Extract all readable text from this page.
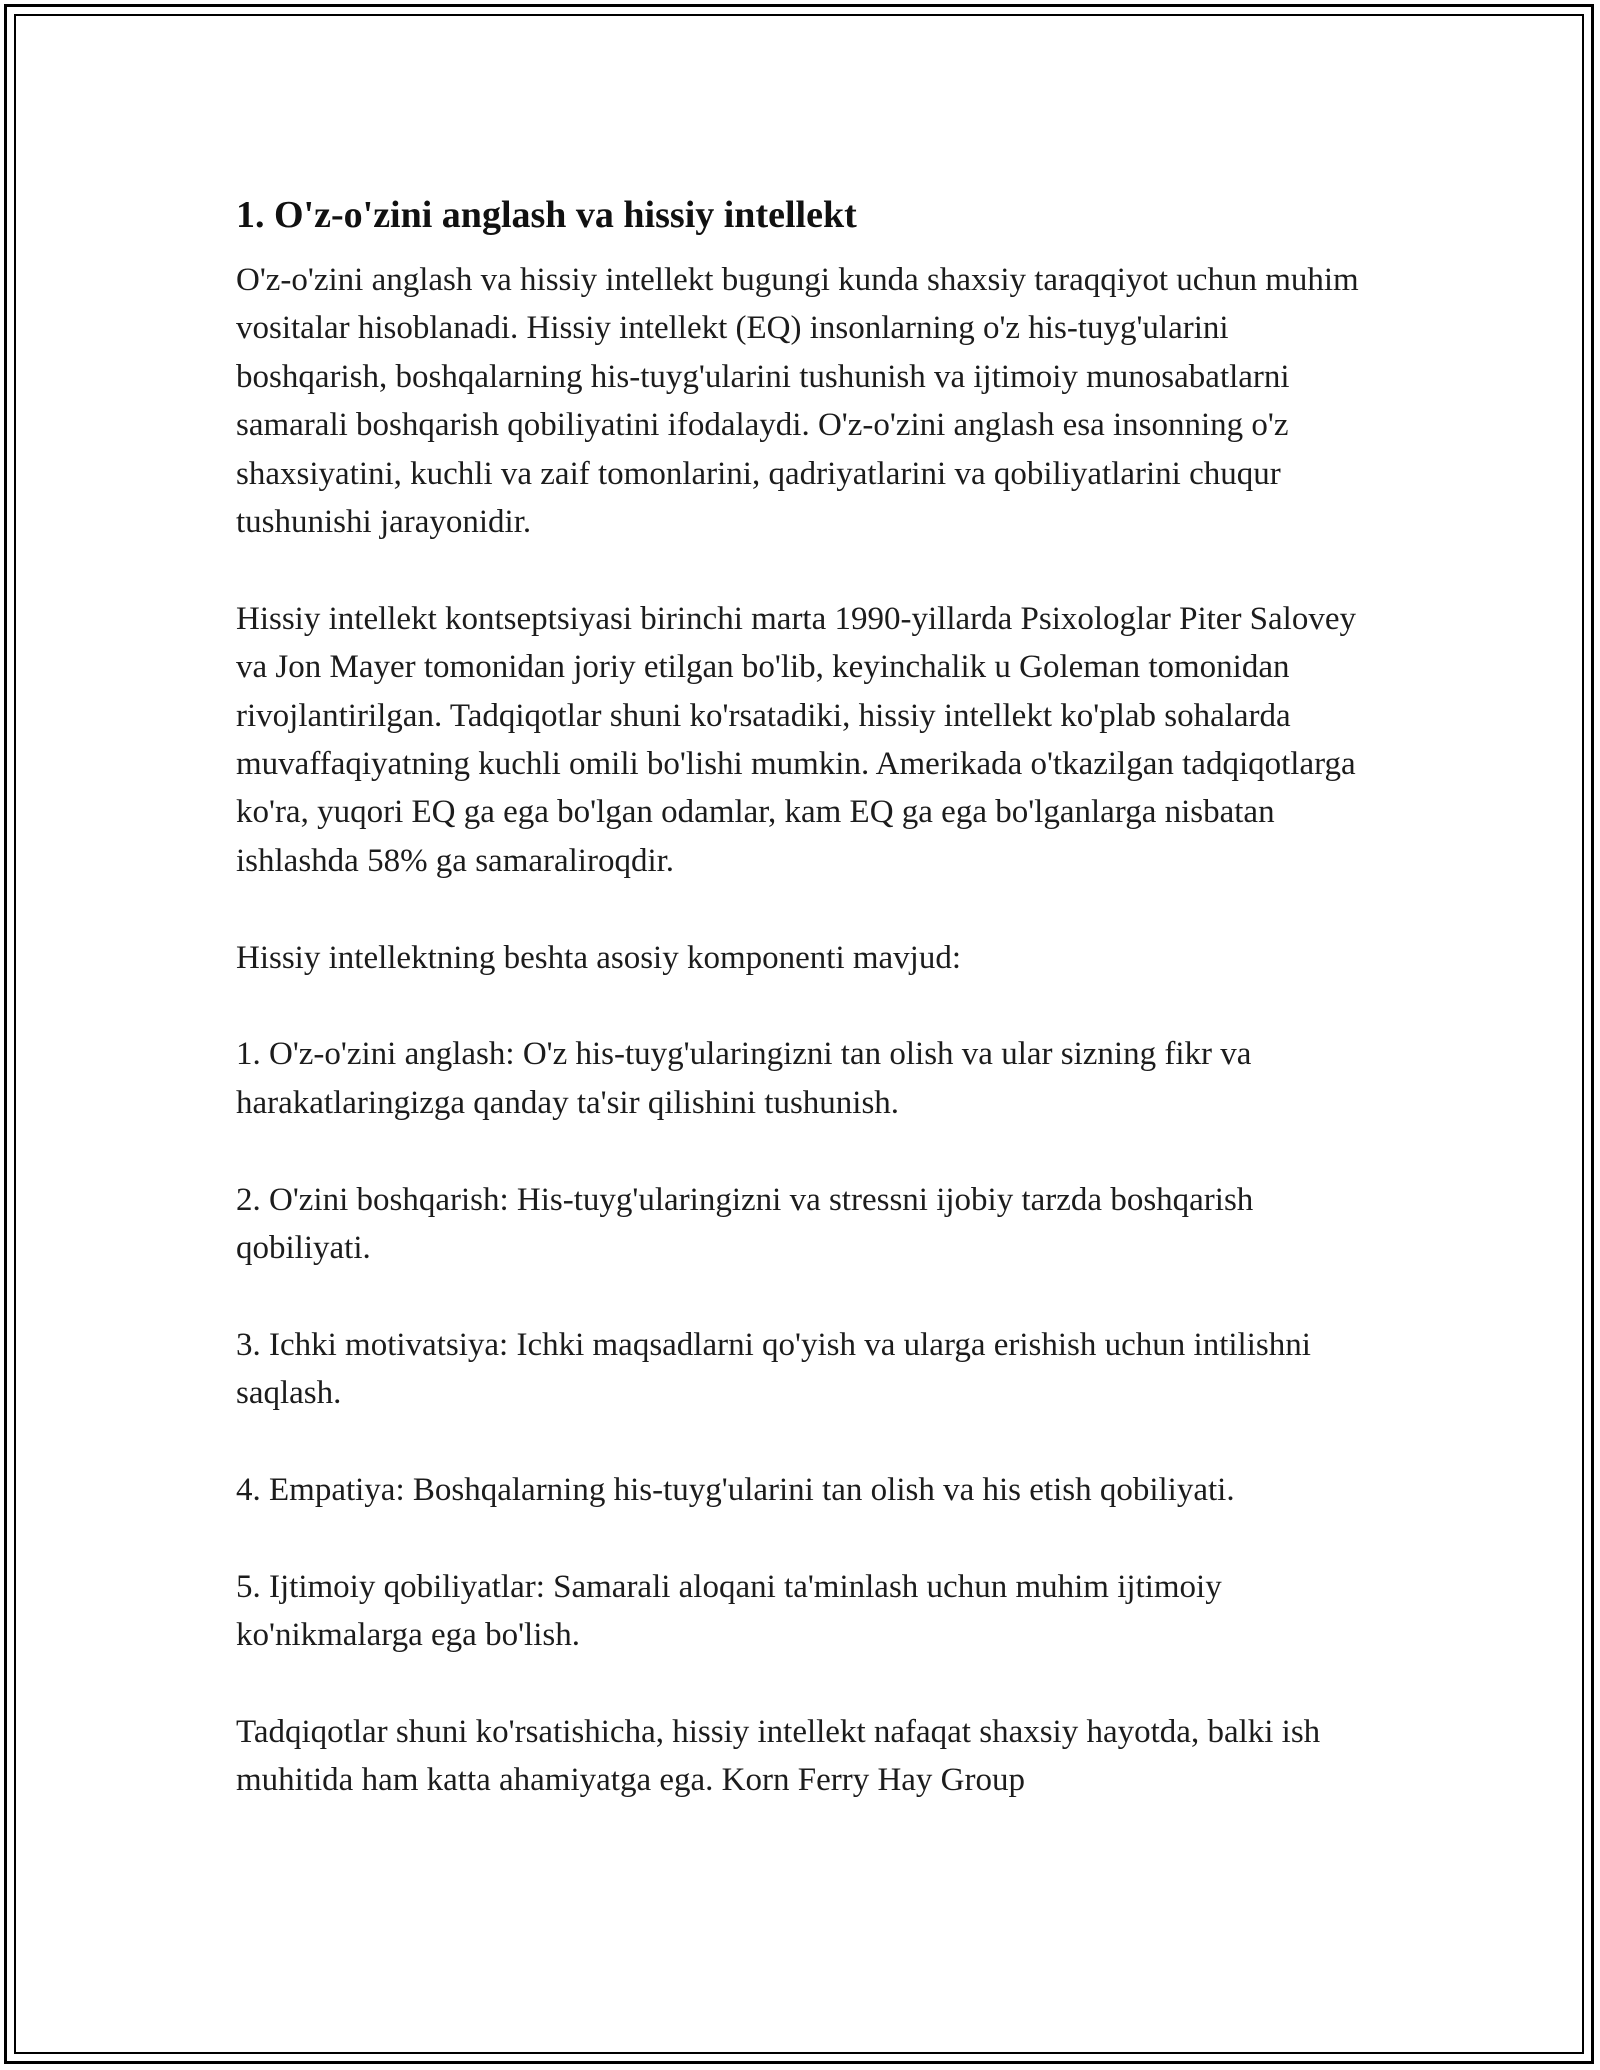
1. O'z-o'zini anglash va hissiy intellekt

O'z-o'zini anglash va hissiy intellekt bugungi kunda shaxsiy taraqqiyot uchun muhim vositalar hisoblanadi. Hissiy intellekt (EQ) insonlarning o'z his-tuyg'ularini boshqarish, boshqalarning his-tuyg'ularini tushunish va ijtimoiy munosabatlarni samarali boshqarish qobiliyatini ifodalaydi. O'z-o'zini anglash esa insonning o'z shaxsiyatini, kuchli va zaif tomonlarini, qadriyatlarini va qobiliyatlarini chuqur tushunishi jarayonidir.

Hissiy intellekt kontseptsiyasi birinchi marta 1990-yillarda Psixologlar Piter Salovey va Jon Mayer tomonidan joriy etilgan bo'lib, keyinchalik u Goleman tomonidan rivojlantirilgan. Tadqiqotlar shuni ko'rsatadiki, hissiy intellekt ko'plab sohalarda muvaffaqiyatning kuchli omili bo'lishi mumkin. Amerikada o'tkazilgan tadqiqotlarga ko'ra, yuqori EQ ga ega bo'lgan odamlar, kam EQ ga ega bo'lganlarga nisbatan ishlashda 58% ga samaraliroqdir.

Hissiy intellektning beshta asosiy komponenti mavjud:

1. O'z-o'zini anglash: O'z his-tuyg'ularingizni tan olish va ular sizning fikr va harakatlaringizga qanday ta'sir qilishini tushunish.

2. O'zini boshqarish: His-tuyg'ularingizni va stressni ijobiy tarzda boshqarish qobiliyati.

3. Ichki motivatsiya: Ichki maqsadlarni qo'yish va ularga erishish uchun intilishni saqlash.

4. Empatiya: Boshqalarning his-tuyg'ularini tan olish va his etish qobiliyati.

5. Ijtimoiy qobiliyatlar: Samarali aloqani ta'minlash uchun muhim ijtimoiy ko'nikmalarga ega bo'lish.

Tadqiqotlar shuni ko'rsatishicha, hissiy intellekt nafaqat shaxsiy hayotda, balki ish muhitida ham katta ahamiyatga ega. Korn Ferry Hay Group
